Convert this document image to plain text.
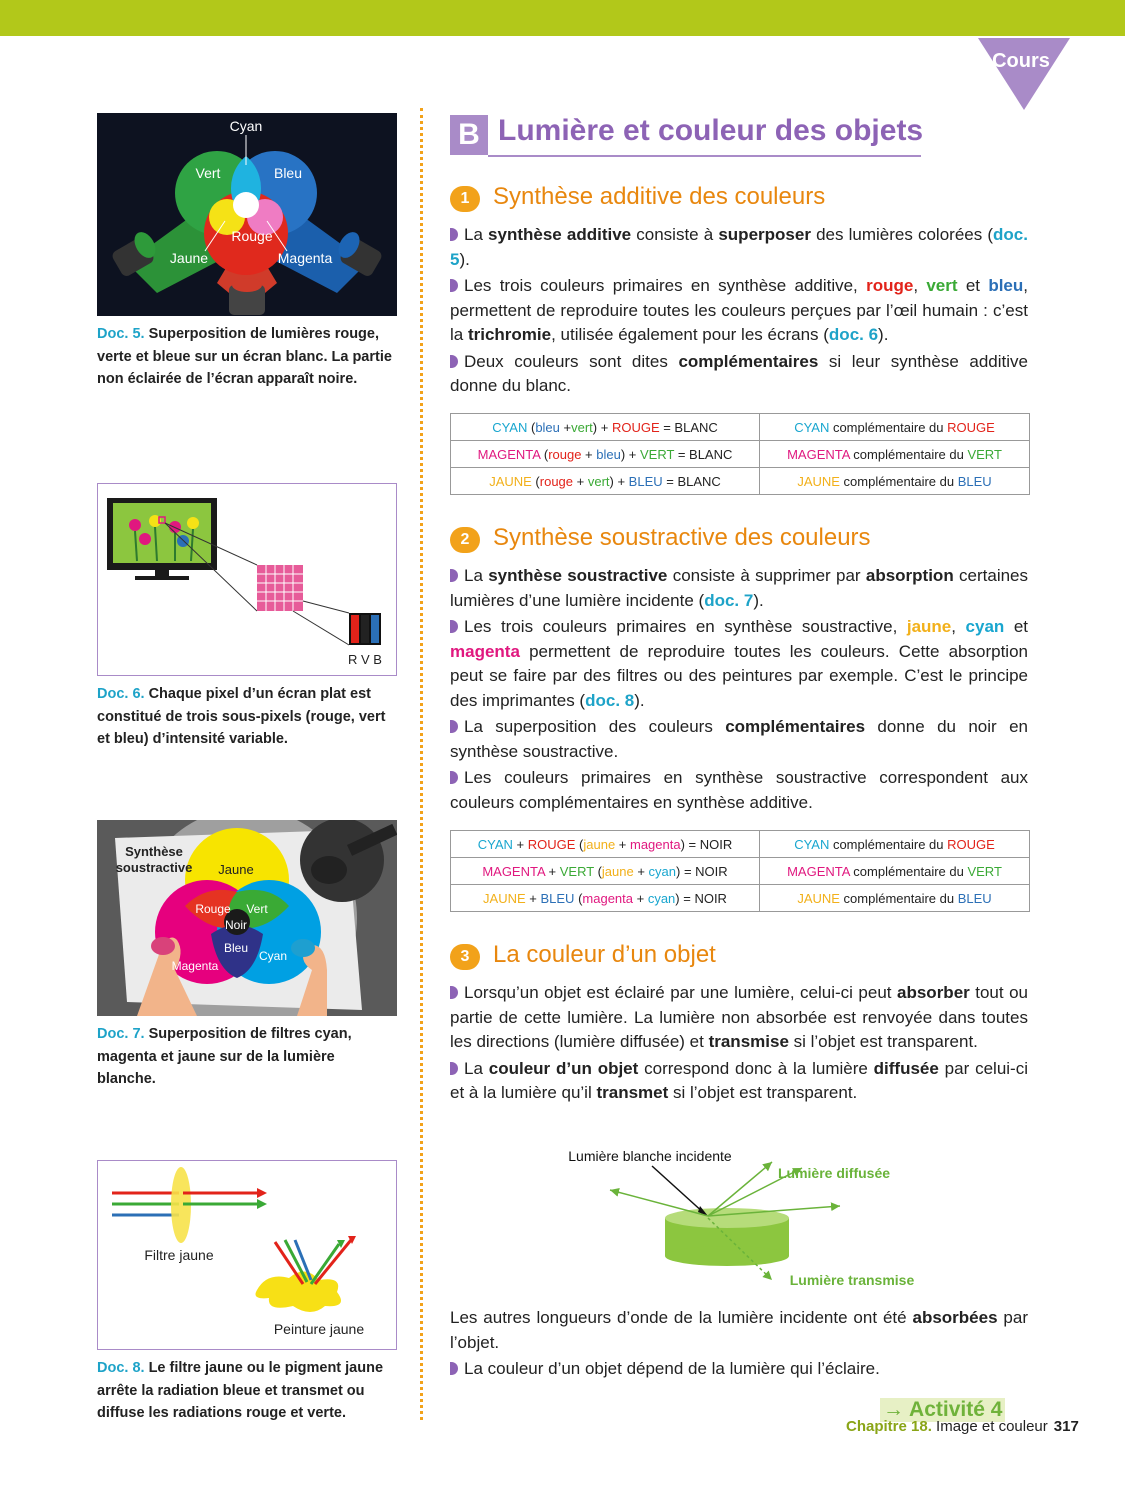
Cours
Cyan
Vert	Bleu
Rouge
Jaune	Magenta
Doc. 5. Superposition de lumières rouge, verte et bleue sur un écran blanc. La partie non éclairée de l’écran apparaît noire.
R V B
Doc. 6. Chaque pixel d’un écran plat est constitué de trois sous-pixels (rouge, vert et bleu) d’intensité variable.
Synthèse
soustractive Jaune
Rouge Vert
Noir
Bleu
Magenta
Cyan
Doc. 7. Superposition de filtres cyan, magenta et jaune sur de la lumière blanche.
Filtre jaune
Peinture jaune
Doc. 8. Le filtre jaune ou le pigment jaune arrête la radiation bleue et transmet ou diffuse les radiations rouge et verte.
B Lumière et couleur des objets
1 Synthèse additive des couleurs

La synthèse additive consiste à superposer des lumières colorées (doc. 5).

Les trois couleurs primaires en synthèse additive, rouge, vert et bleu, permettent de reproduire toutes les couleurs perçues par l’œil humain : c’est la trichromie, utilisée également pour les écrans (doc. 6).

Deux couleurs sont dites complémentaires si leur synthèse additive donne du blanc.

CYAN (bleu +vert) + ROUGE = BLANC	CYAN complémentaire du ROUGE
MAGENTA (rouge + bleu) + VERT = BLANC	MAGENTA complémentaire du VERT
JAUNE (rouge + vert) + BLEU = BLANC	JAUNE complémentaire du BLEU
2 Synthèse soustractive des couleurs

La synthèse soustractive consiste à supprimer par absorption certaines lumières d’une lumière incidente (doc. 7).

Les trois couleurs primaires en synthèse soustractive, jaune, cyan et magenta permettent de reproduire toutes les couleurs. Cette absorption peut se faire par des filtres ou des peintures par exemple. C’est le principe des imprimantes (doc. 8).

La superposition des couleurs complémentaires donne du noir en synthèse soustractive.

Les couleurs primaires en synthèse soustractive correspondent aux couleurs complémentaires en synthèse additive.

CYAN + ROUGE (jaune + magenta) = NOIR	CYAN complémentaire du ROUGE
MAGENTA + VERT (jaune + cyan) = NOIR	MAGENTA complémentaire du VERT
JAUNE + BLEU (magenta + cyan) = NOIR	JAUNE complémentaire du BLEU
3 La couleur d’un objet

Lorsqu’un objet est éclairé par une lumière, celui-ci peut absorber tout ou partie de cette lumière. La lumière non absorbée est renvoyée dans toutes les directions (lumière diffusée) et transmise si l’objet est transparent.

La couleur d’un objet correspond donc à la lumière diffusée par celui-ci et à la lumière qu’il transmet si l’objet est transparent.

Lumière blanche incidente
Lumière diffusée
Lumière transmise

Les autres longueurs d’onde de la lumière incidente ont été absorbées par l’objet.

La couleur d’un objet dépend de la lumière qui l’éclaire.

→ Activité 4
Chapitre 18. Image et couleur 317
